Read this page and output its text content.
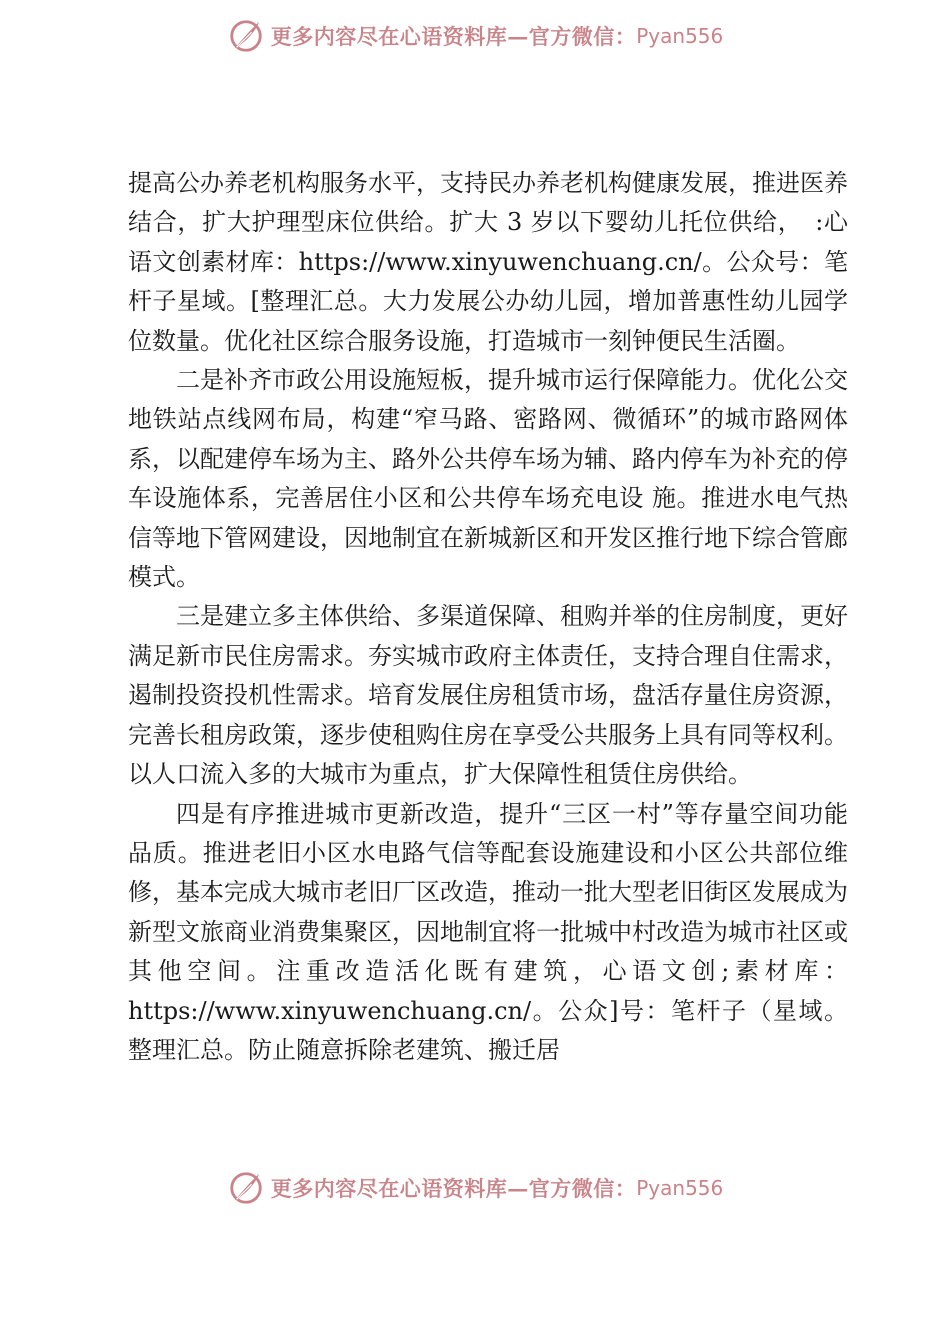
更多内容尽在心语资料库—官方微信： Pyan556

提高公办养老机构服务水平，支持民办养老机构健康发展，推进医养结合，扩大护理型床位供给。扩大 3 岁以下婴幼儿托位供给，　:心语文创素材库：https://www.xinyuwenchuang.cn/。公众号：笔杆子星域。[整理汇总。大力发展公办幼儿园，增加普惠性幼儿园学位数量。优化社区综合服务设施，打造城市一刻钟便民生活圈。

二是补齐市政公用设施短板，提升城市运行保障能力。优化公交地铁站点线网布局，构建“窄马路、密路网、微循环”的城市路网体系，以配建停车场为主、路外公共停车场为辅、路内停车为补充的停车设施体系，完善居住小区和公共停车场充电设 施。推进水电气热信等地下管网建设，因地制宜在新城新区和开发区推行地下综合管廊模式。

三是建立多主体供给、多渠道保障、租购并举的住房制度，更好满足新市民住房需求。夯实城市政府主体责任，支持合理自住需求，遏制投资投机性需求。培育发展住房租赁市场，盘活存量住房资源，完善长租房政策，逐步使租购住房在享受公共服务上具有同等权利。以人口流入多的大城市为重点，扩大保障性租赁住房供给。

四是有序推进城市更新改造，提升“三区一村”等存量空间功能品质。推进老旧小区水电路气信等配套设施建设和小区公共部位维修，基本完成大城市老旧厂区改造，推动一批大型老旧街区发展成为新型文旅商业消费集聚区，因地制宜将一批城中村改造为城市社区或其他空间。注重改造活化既有建筑，心语文创;素材库：https://www.xinyuwenchuang.cn/。公众]号：笔杆子（星域。整理汇总。防止随意拆除老建筑、搬迁居

更多内容尽在心语资料库—官方微信： Pyan556
